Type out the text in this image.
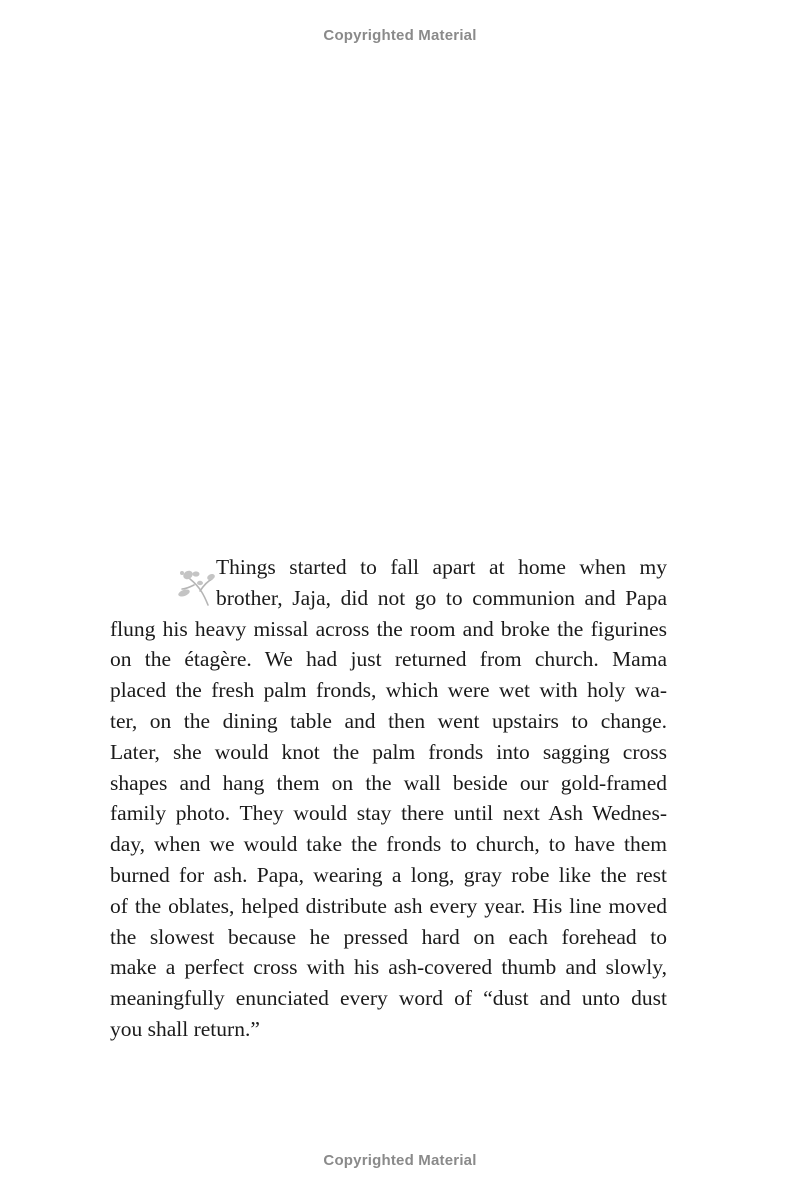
Copyrighted Material
Things started to fall apart at home when my
brother, Jaja, did not go to communion and Papa
flung his heavy missal across the room and broke the figurines
on the étagère. We had just returned from church. Mama
placed the fresh palm fronds, which were wet with holy wa-
ter, on the dining table and then went upstairs to change.
Later, she would knot the palm fronds into sagging cross
shapes and hang them on the wall beside our gold-framed
family photo. They would stay there until next Ash Wednes-
day, when we would take the fronds to church, to have them
burned for ash. Papa, wearing a long, gray robe like the rest
of the oblates, helped distribute ash every year. His line moved
the slowest because he pressed hard on each forehead to
make a perfect cross with his ash-covered thumb and slowly,
meaningfully enunciated every word of “dust and unto dust
you shall return.”
Copyrighted Material
